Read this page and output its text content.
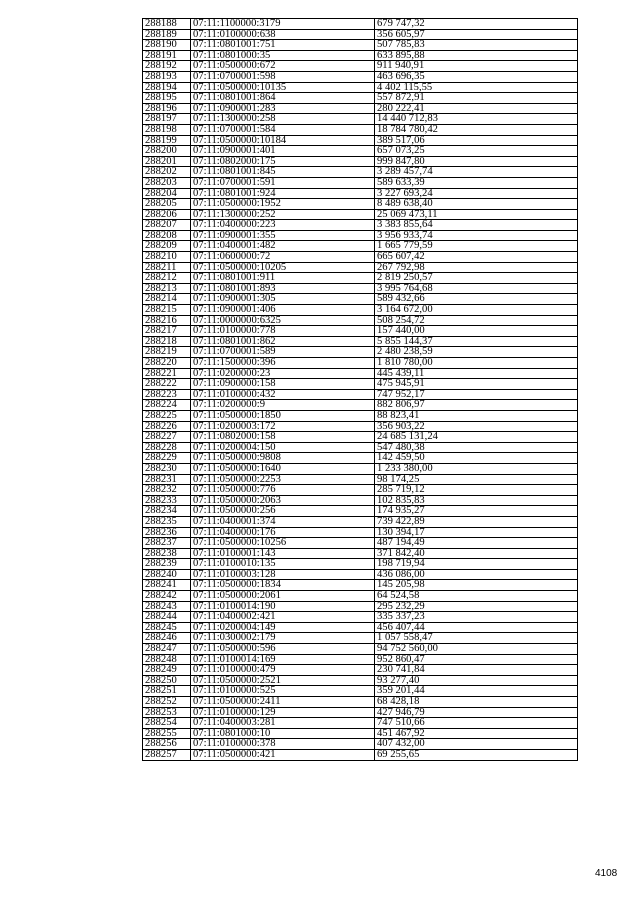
288188	07:11:1100000:3179	679 747,32
288189	07:11:0100000:638	356 605,97
288190	07:11:0801001:751	507 785,83
288191	07:11:0801000:35	633 895,88
288192	07:11:0500000:672	911 940,91
288193	07:11:0700001:598	463 696,35
288194	07:11:0500000:10135	4 402 115,55
288195	07:11:0801001:864	557 872,91
288196	07:11:0900001:283	280 222,41
288197	07:11:1300000:258	14 440 712,83
288198	07:11:0700001:584	18 784 780,42
288199	07:11:0500000:10184	389 517,06
288200	07:11:0900001:401	657 073,25
288201	07:11:0802000:175	999 847,80
288202	07:11:0801001:845	3 289 457,74
288203	07:11:0700001:591	589 633,39
288204	07:11:0801001:924	3 227 693,24
288205	07:11:0500000:1952	8 489 638,40
288206	07:11:1300000:252	25 069 473,11
288207	07:11:0400000:223	3 383 855,64
288208	07:11:0900001:355	3 956 933,74
288209	07:11:0400001:482	1 665 779,59
288210	07:11:0600000:72	665 607,42
288211	07:11:0500000:10205	267 792,98
288212	07:11:0801001:911	2 819 250,57
288213	07:11:0801001:893	3 995 764,68
288214	07:11:0900001:305	589 432,66
288215	07:11:0900001:406	3 164 672,00
288216	07:11:0000000:6325	508 254,72
288217	07:11:0100000:778	157 440,00
288218	07:11:0801001:862	5 855 144,37
288219	07:11:0700001:589	2 480 238,59
288220	07:11:1500000:396	1 810 780,00
288221	07:11:0200000:23	445 439,11
288222	07:11:0900000:158	475 945,91
288223	07:11:0100000:432	747 952,17
288224	07:11:0200000:9	882 806,97
288225	07:11:0500000:1850	88 823,41
288226	07:11:0200003:172	356 903,22
288227	07:11:0802000:158	24 685 131,24
288228	07:11:0200004:150	547 480,38
288229	07:11:0500000:9808	142 459,50
288230	07:11:0500000:1640	1 233 380,00
288231	07:11:0500000:2253	98 174,25
288232	07:11:0500000:776	285 719,12
288233	07:11:0500000:2063	102 835,83
288234	07:11:0500000:256	174 935,27
288235	07:11:0400001:374	739 422,89
288236	07:11:0400000:176	130 394,17
288237	07:11:0500000:10256	487 194,49
288238	07:11:0100001:143	371 842,40
288239	07:11:0100010:135	198 719,94
288240	07:11:0100003:128	436 086,00
288241	07:11:0500000:1834	145 205,98
288242	07:11:0500000:2061	64 524,58
288243	07:11:0100014:190	295 232,29
288244	07:11:0400002:421	335 337,23
288245	07:11:0200004:149	456 407,44
288246	07:11:0300002:179	1 057 558,47
288247	07:11:0500000:596	94 752 560,00
288248	07:11:0100014:169	952 860,47
288249	07:11:0100000:479	230 741,84
288250	07:11:0500000:2521	93 277,40
288251	07:11:0100000:525	359 201,44
288252	07:11:0500000:2411	68 428,18
288253	07:11:0100000:129	427 946,79
288254	07:11:0400003:281	747 510,66
288255	07:11:0801000:10	451 467,92
288256	07:11:0100000:378	407 432,00
288257	07:11:0500000:421	69 255,65
4108
